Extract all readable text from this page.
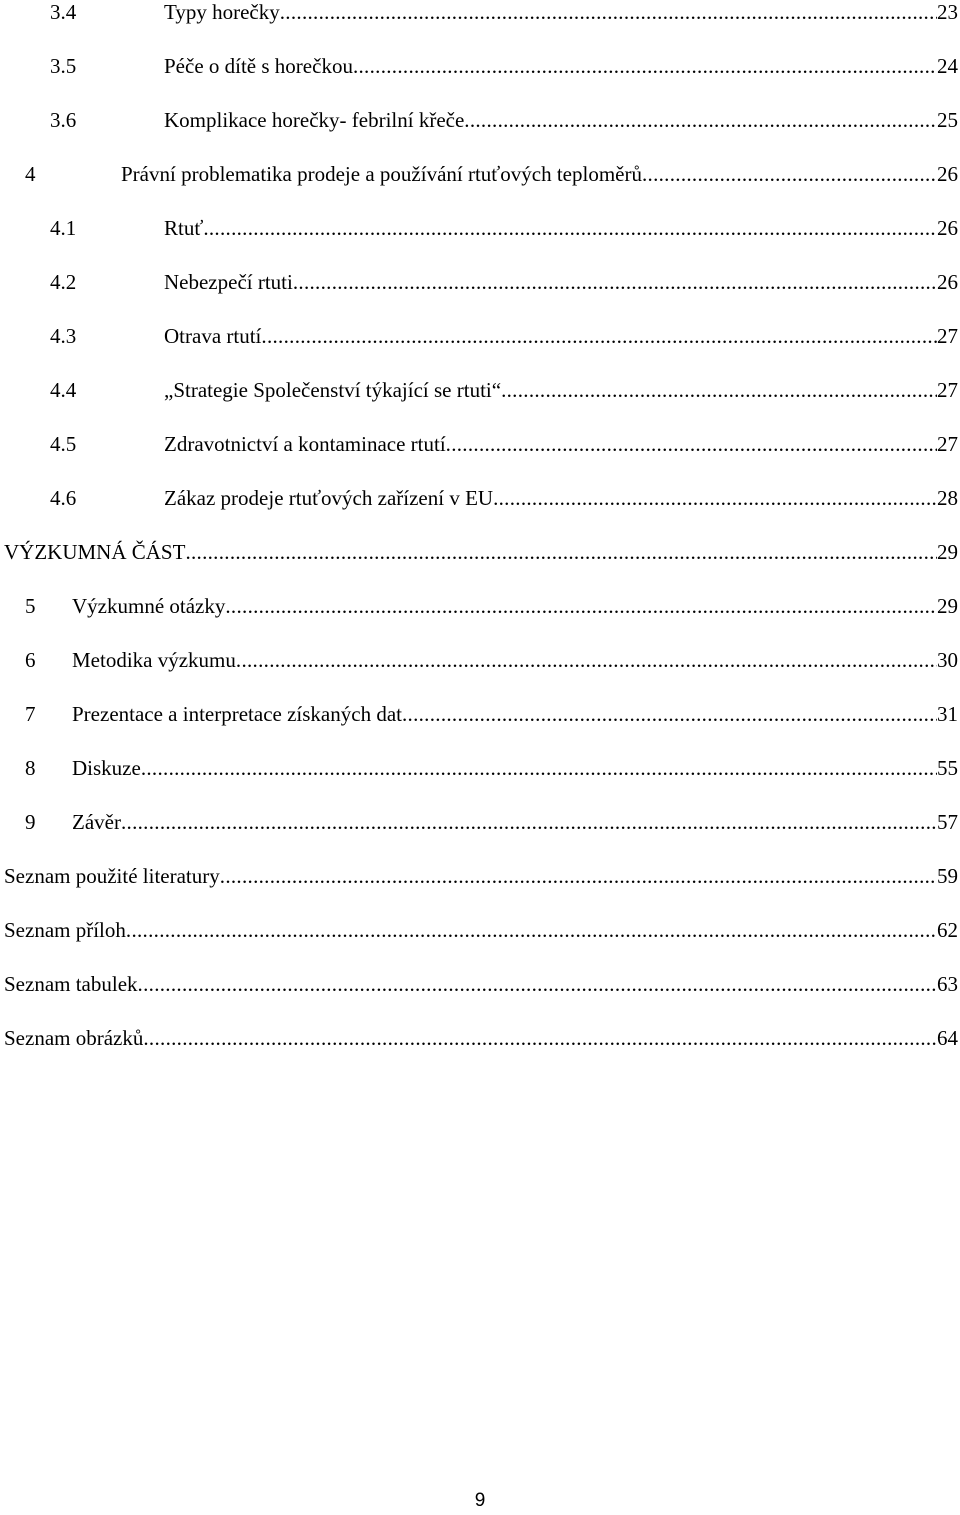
3.4	Typy horečky .....	23
3.5	Péče o dítě s horečkou .....	24
3.6	Komplikace horečky- febrilní křeče .....	25
4	Právní problematika prodeje a používání rtuťových teploměrů .....	26
4.1	Rtuť .....	26
4.2	Nebezpečí rtuti .....	26
4.3	Otrava rtutí .....	27
4.4	„Strategie Společenství týkající se rtuti“ .....	27
4.5	Zdravotnictví a kontaminace rtutí .....	27
4.6	Zákaz prodeje rtuťových zařízení v EU .....	28
VÝZKUMNÁ ČÁST .....	29
5	Výzkumné otázky .....	29
6	Metodika výzkumu .....	30
7	Prezentace a interpretace získaných dat .....	31
8	Diskuze .....	55
9	Závěr .....	57
Seznam použité literatury .....	59
Seznam příloh .....	62
Seznam tabulek .....	63
Seznam obrázků .....	64
9
